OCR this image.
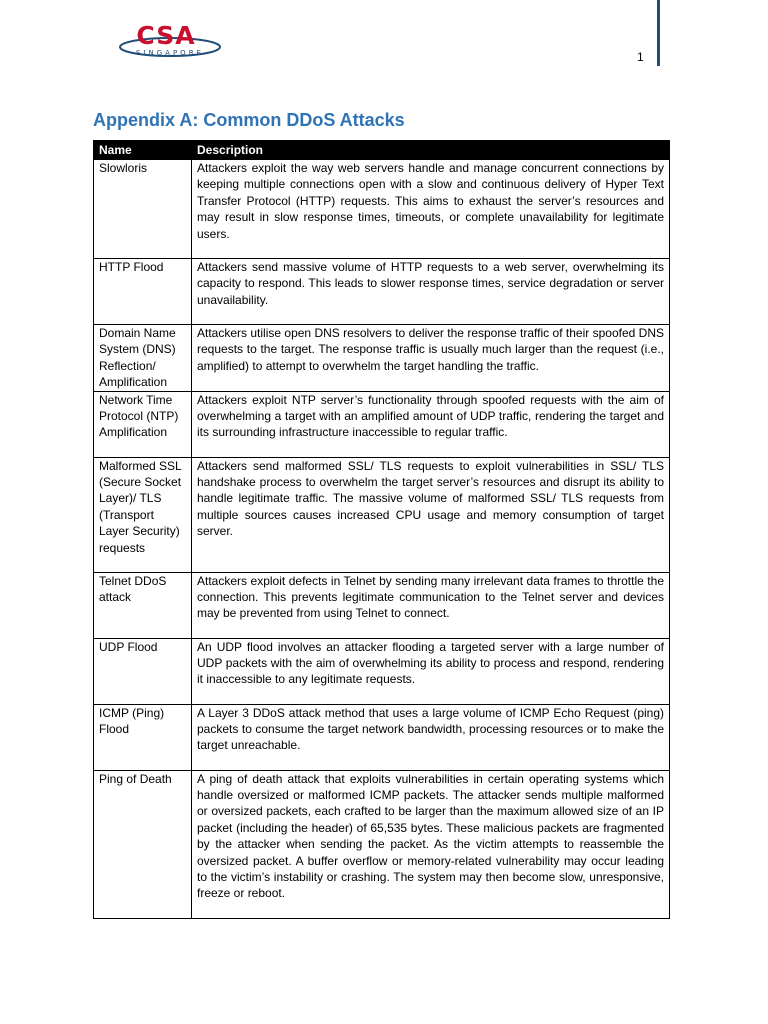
CSA
SINGAPORE	1
Appendix A: Common DDoS Attacks
Name	Description
Slowloris	Attackers exploit the way web servers handle and manage concurrent connections by keeping multiple connections open with a slow and continuous delivery of Hyper Text Transfer Protocol (HTTP) requests. This aims to exhaust the server’s resources and may result in slow response times, timeouts, or complete unavailability for legitimate users.
HTTP Flood	Attackers send massive volume of HTTP requests to a web server, overwhelming its capacity to respond. This leads to slower response times, service degradation or server unavailability.
Domain Name System (DNS) Reflection/ Amplification	Attackers utilise open DNS resolvers to deliver the response traffic of their spoofed DNS requests to the target. The response traffic is usually much larger than the request (i.e., amplified) to attempt to overwhelm the target handling the traffic.
Network Time Protocol (NTP) Amplification	Attackers exploit NTP server’s functionality through spoofed requests with the aim of overwhelming a target with an amplified amount of UDP traffic, rendering the target and its surrounding infrastructure inaccessible to regular traffic.
Malformed SSL (Secure Socket Layer)/ TLS (Transport Layer Security) requests	Attackers send malformed SSL/ TLS requests to exploit vulnerabilities in SSL/ TLS handshake process to overwhelm the target server’s resources and disrupt its ability to handle legitimate traffic. The massive volume of malformed SSL/ TLS requests from multiple sources causes increased CPU usage and memory consumption of target server.
Telnet DDoS attack	Attackers exploit defects in Telnet by sending many irrelevant data frames to throttle the connection. This prevents legitimate communication to the Telnet server and devices may be prevented from using Telnet to connect.
UDP Flood	An UDP flood involves an attacker flooding a targeted server with a large number of UDP packets with the aim of overwhelming its ability to process and respond, rendering it inaccessible to any legitimate requests.
ICMP (Ping) Flood	A Layer 3 DDoS attack method that uses a large volume of ICMP Echo Request (ping) packets to consume the target network bandwidth, processing resources or to make the target unreachable.
Ping of Death	A ping of death attack that exploits vulnerabilities in certain operating systems which handle oversized or malformed ICMP packets. The attacker sends multiple malformed or oversized packets, each crafted to be larger than the maximum allowed size of an IP packet (including the header) of 65,535 bytes. These malicious packets are fragmented by the attacker when sending the packet. As the victim attempts to reassemble the oversized packet. A buffer overflow or memory-related vulnerability may occur leading to the victim’s instability or crashing. The system may then become slow, unresponsive, freeze or reboot.
